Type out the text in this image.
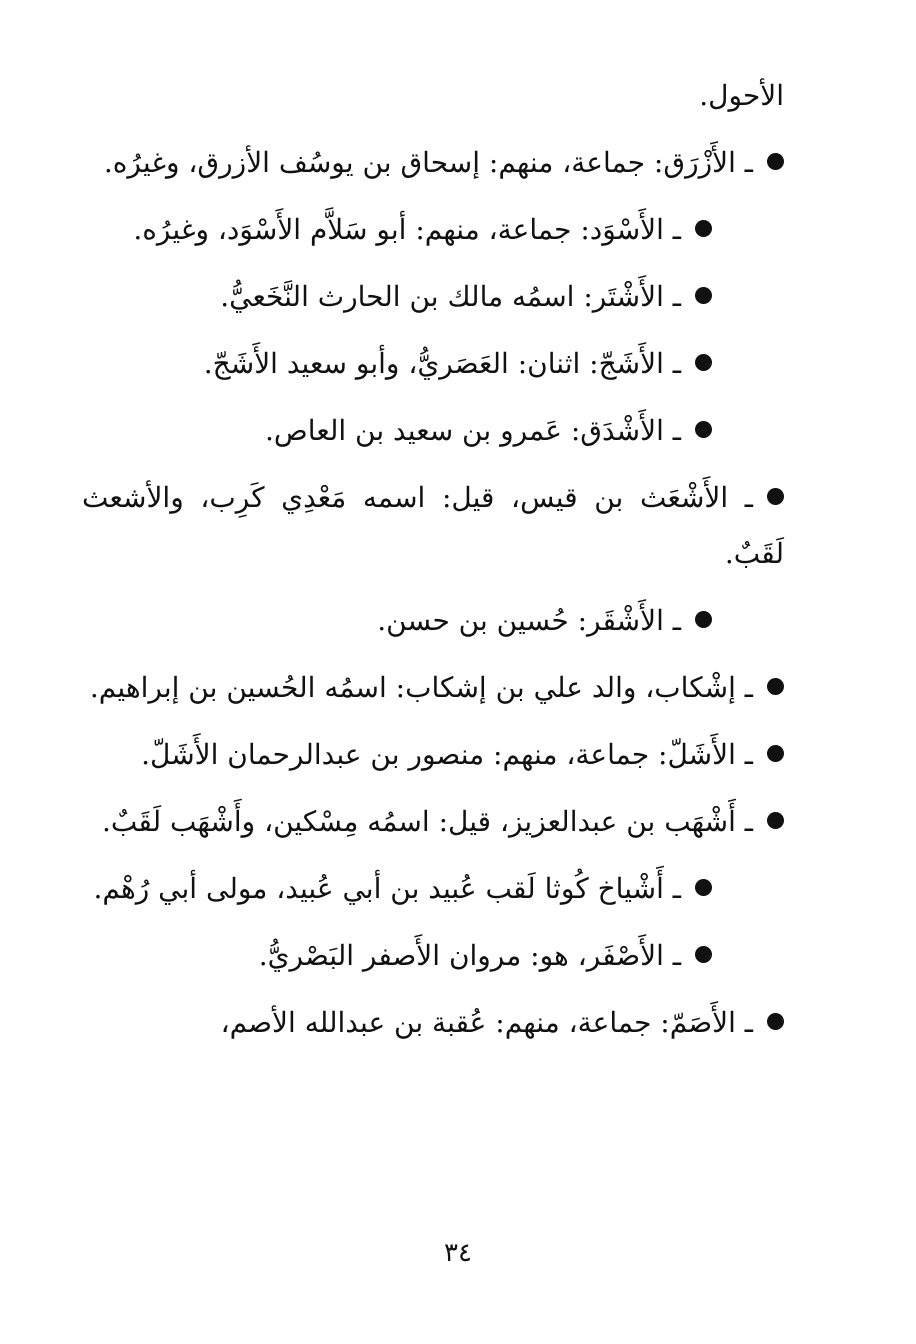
الأحول.

ـ الأَزْرَق: جماعة، منهم: إسحاق بن يوسُف الأزرق، وغيرُه.

ـ الأَسْوَد: جماعة، منهم: أبو سَلاَّم الأَسْوَد، وغيرُه.

ـ الأَشْتَر: اسمُه مالك بن الحارث النَّخَعيُّ.

ـ الأَشَجّ: اثنان: العَصَريُّ، وأبو سعيد الأَشَجّ.

ـ الأَشْدَق: عَمرو بن سعيد بن العاص.

ـ الأَشْعَث بن قيس، قيل: اسمه مَعْدِي كَرِب، والأشعث لَقَبٌ.

ـ الأَشْقَر: حُسين بن حسن.

ـ إشْكاب، والد علي بن إشكاب: اسمُه الحُسين بن إبراهيم.

ـ الأَشَلّ: جماعة، منهم: منصور بن عبدالرحمان الأَشَلّ.

ـ أَشْهَب بن عبدالعزيز، قيل: اسمُه مِسْكين، وأَشْهَب لَقَبٌ.

ـ أَشْياخ كُوثا لَقب عُبيد بن أبي عُبيد، مولى أبي رُهْم.

ـ الأَصْفَر، هو: مروان الأَصفر البَصْريُّ.

ـ الأَصَمّ: جماعة، منهم: عُقبة بن عبدالله الأصم،

٣٤
